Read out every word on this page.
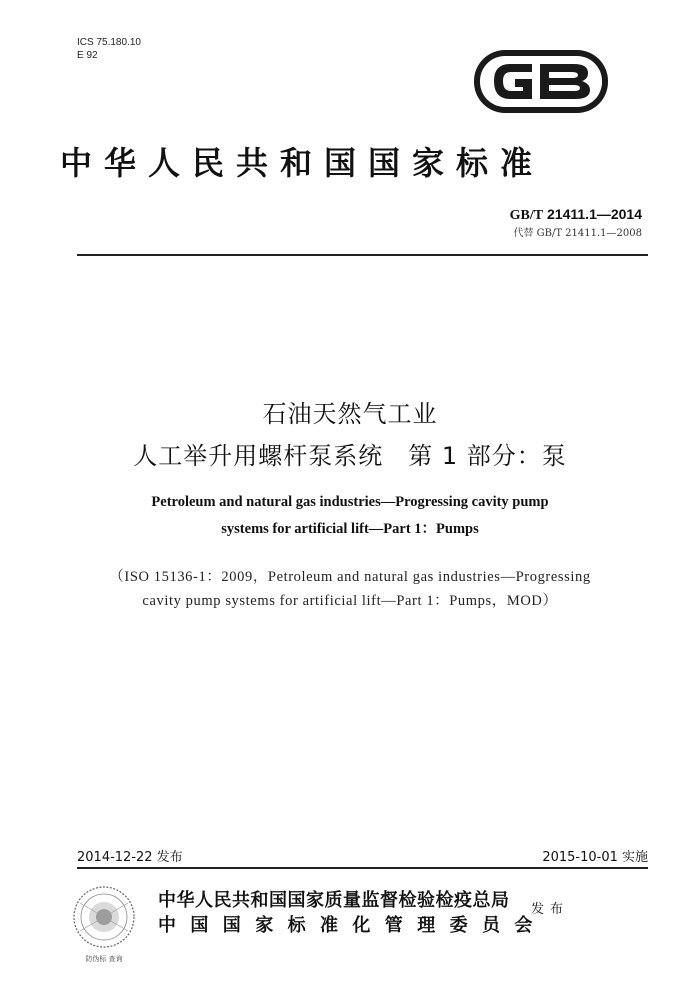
ICS 75.180.10
E 92
中华人民共和国国家标准
GB/T 21411.1—2014
代替 GB/T 21411.1—2008
石油天然气工业
人工举升用螺杆泵系统　第 1 部分：泵
Petroleum and natural gas industries—Progressing cavity pump
systems for artificial lift—Part 1：Pumps
（ISO 15136-1：2009，Petroleum and natural gas industries—Progressing
cavity pump systems for artificial lift—Part 1：Pumps，MOD）
2014-12-22 发布	2015-10-01 实施
防伪标 查询
中华人民共和国国家质量监督检验检疫总局
中国国家标准化管理委员会
发布
